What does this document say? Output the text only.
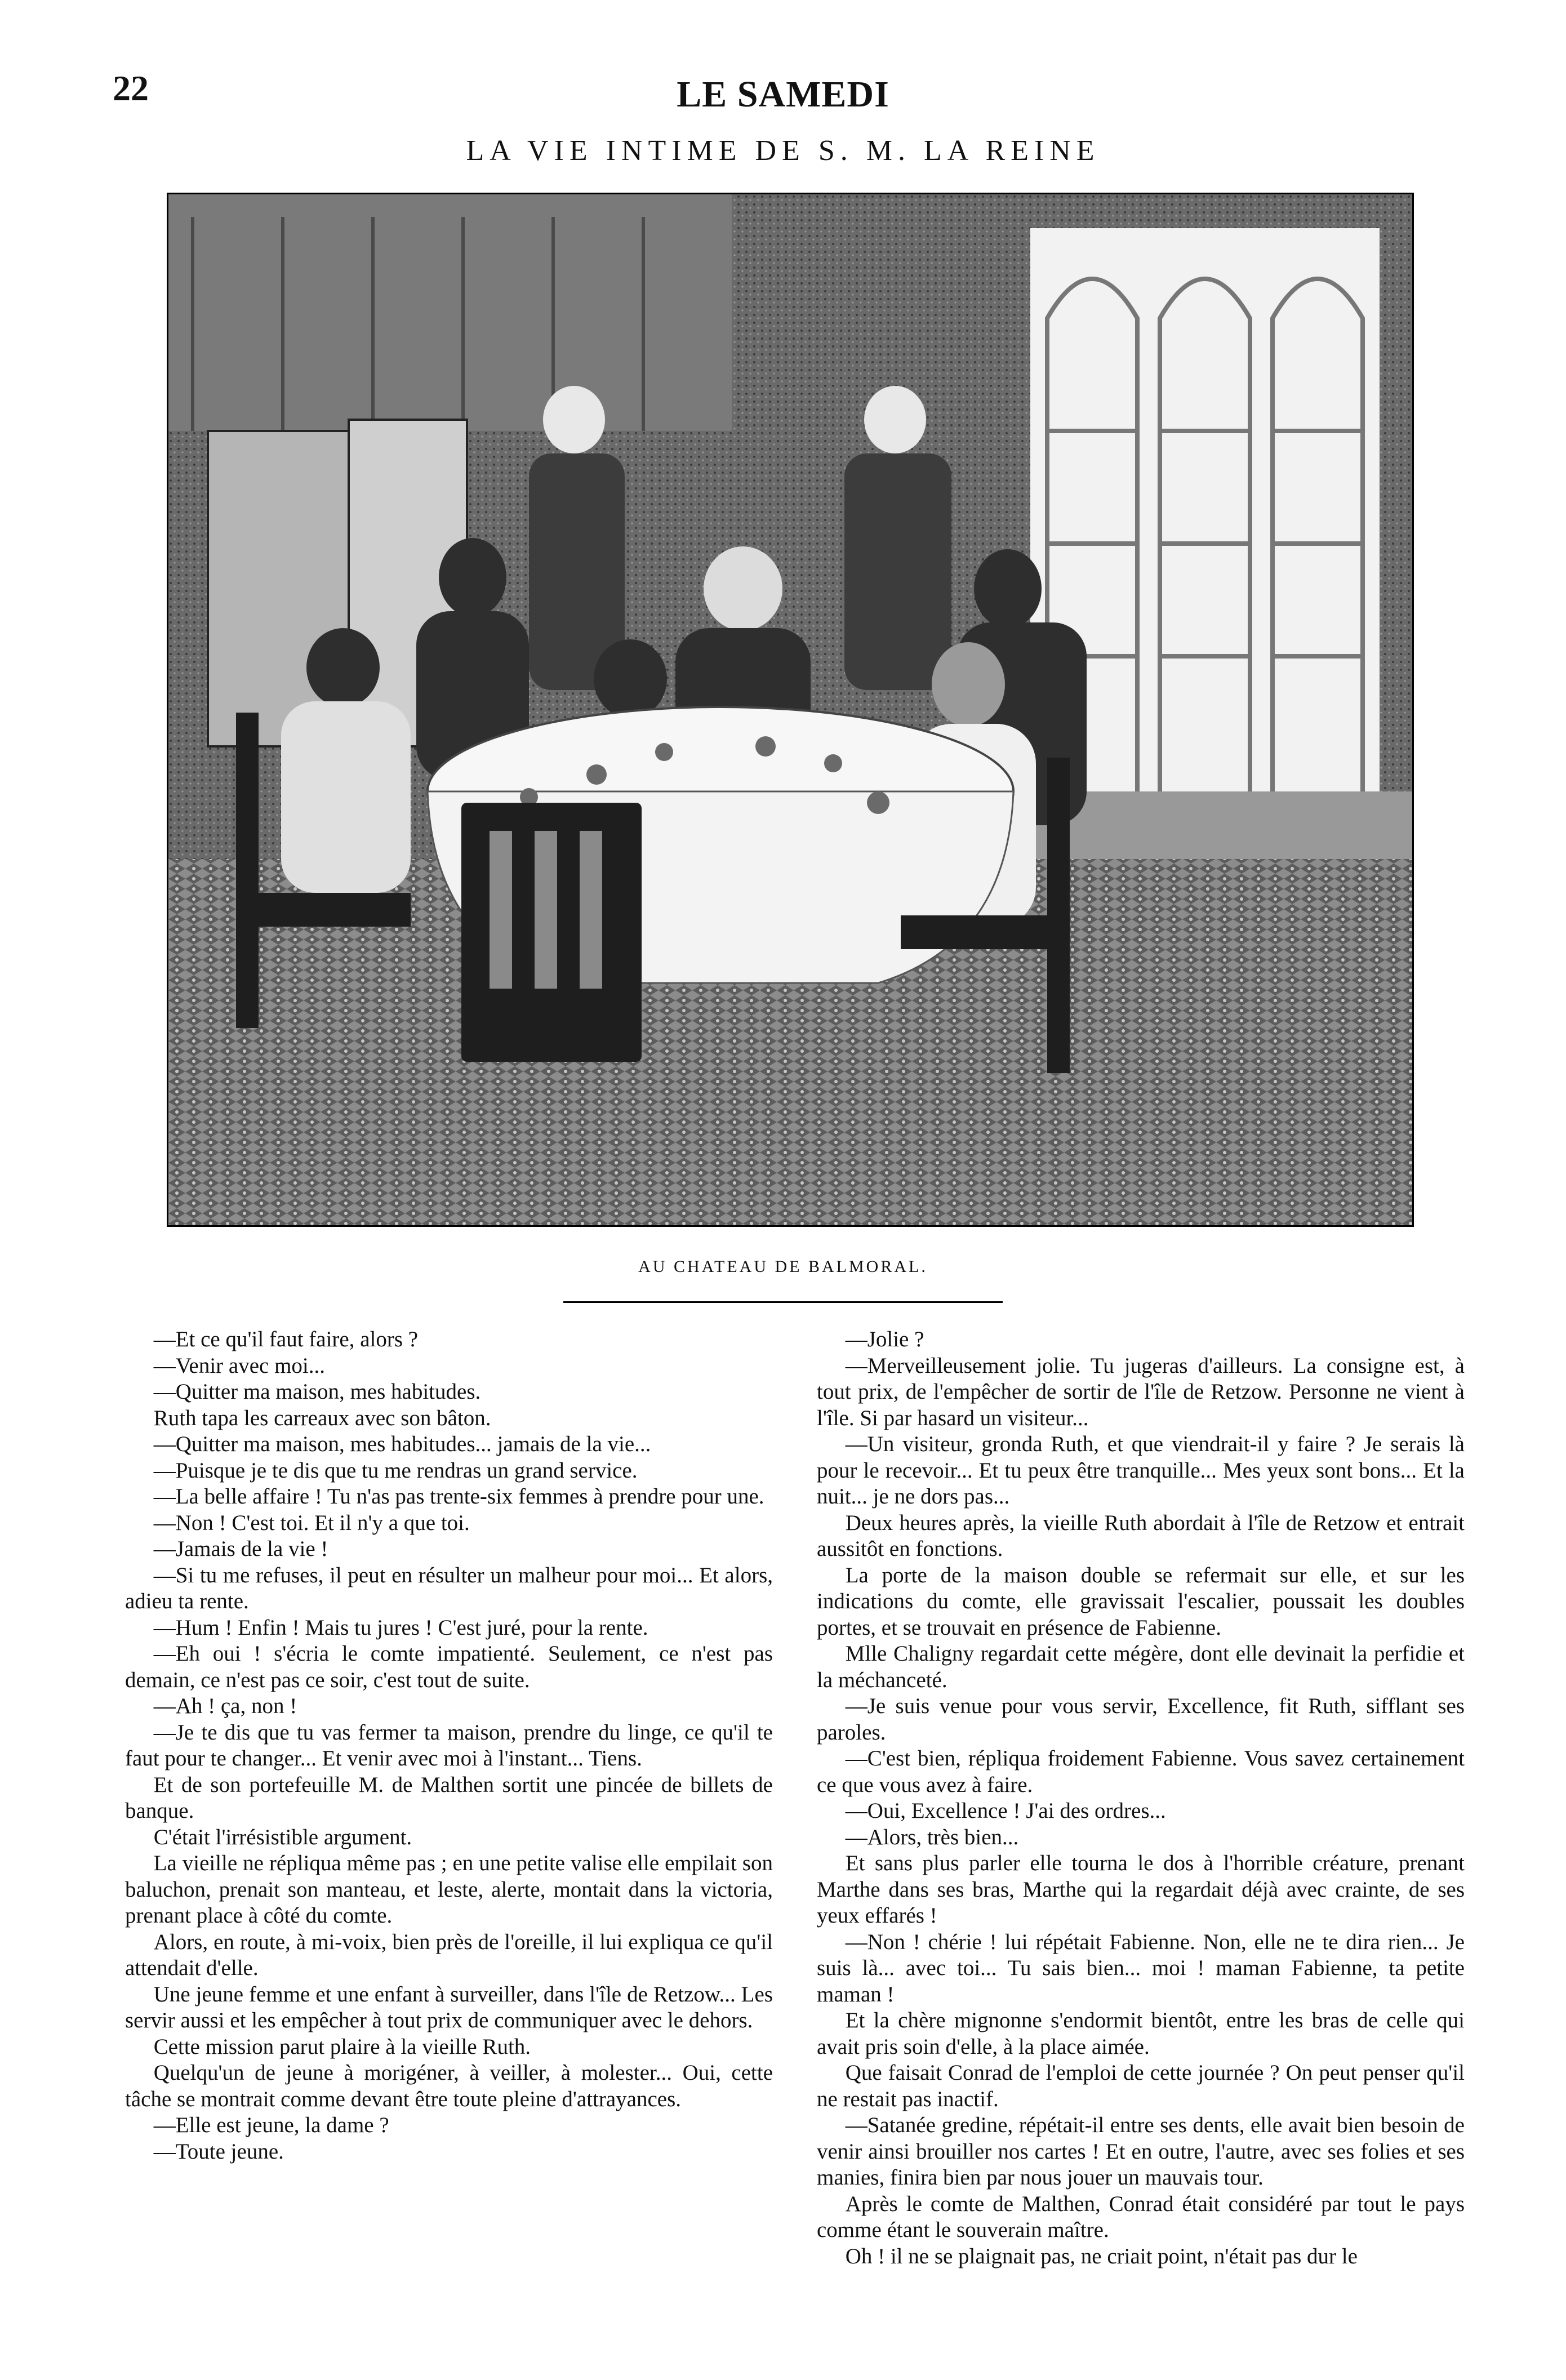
22	LE SAMEDI
LA VIE INTIME DE S. M. LA REINE
AU CHATEAU DE BALMORAL.

—Et ce qu'il faut faire, alors ?

—Venir avec moi...

—Quitter ma maison, mes habitudes.

Ruth tapa les carreaux avec son bâton.

—Quitter ma maison, mes habitudes... jamais de la vie...

—Puisque je te dis que tu me rendras un grand service.

—La belle affaire ! Tu n'as pas trente-six femmes à prendre pour une.

—Non ! C'est toi. Et il n'y a que toi.

—Jamais de la vie !

—Si tu me refuses, il peut en résulter un malheur pour moi... Et alors, adieu ta rente.

—Hum ! Enfin ! Mais tu jures ! C'est juré, pour la rente.

—Eh oui ! s'écria le comte impatienté. Seulement, ce n'est pas demain, ce n'est pas ce soir, c'est tout de suite.

—Ah ! ça, non !

—Je te dis que tu vas fermer ta maison, prendre du linge, ce qu'il te faut pour te changer... Et venir avec moi à l'instant... Tiens.

Et de son portefeuille M. de Malthen sortit une pincée de billets de banque.

C'était l'irrésistible argument.

La vieille ne répliqua même pas ; en une petite valise elle empilait son baluchon, prenait son manteau, et leste, alerte, montait dans la victoria, prenant place à côté du comte.

Alors, en route, à mi-voix, bien près de l'oreille, il lui expliqua ce qu'il attendait d'elle.

Une jeune femme et une enfant à surveiller, dans l'île de Retzow... Les servir aussi et les empêcher à tout prix de communiquer avec le dehors.

Cette mission parut plaire à la vieille Ruth.

Quelqu'un de jeune à morigéner, à veiller, à molester... Oui, cette tâche se montrait comme devant être toute pleine d'attrayances.

—Elle est jeune, la dame ?

—Toute jeune.

—Jolie ?

—Merveilleusement jolie. Tu jugeras d'ailleurs. La consigne est, à tout prix, de l'empêcher de sortir de l'île de Retzow. Personne ne vient à l'île. Si par hasard un visiteur...

—Un visiteur, gronda Ruth, et que viendrait-il y faire ? Je serais là pour le recevoir... Et tu peux être tranquille... Mes yeux sont bons... Et la nuit... je ne dors pas...

Deux heures après, la vieille Ruth abordait à l'île de Retzow et entrait aussitôt en fonctions.

La porte de la maison double se refermait sur elle, et sur les indications du comte, elle gravissait l'escalier, poussait les doubles portes, et se trouvait en présence de Fabienne.

Mlle Chaligny regardait cette mégère, dont elle devinait la perfidie et la méchanceté.

—Je suis venue pour vous servir, Excellence, fit Ruth, sifflant ses paroles.

—C'est bien, répliqua froidement Fabienne. Vous savez certainement ce que vous avez à faire.

—Oui, Excellence ! J'ai des ordres...

—Alors, très bien...

Et sans plus parler elle tourna le dos à l'horrible créature, prenant Marthe dans ses bras, Marthe qui la regardait déjà avec crainte, de ses yeux effarés !

—Non ! chérie ! lui répétait Fabienne. Non, elle ne te dira rien... Je suis là... avec toi... Tu sais bien... moi ! maman Fabienne, ta petite maman !

Et la chère mignonne s'endormit bientôt, entre les bras de celle qui avait pris soin d'elle, à la place aimée.

Que faisait Conrad de l'emploi de cette journée ? On peut penser qu'il ne restait pas inactif.

—Satanée gredine, répétait-il entre ses dents, elle avait bien besoin de venir ainsi brouiller nos cartes ! Et en outre, l'autre, avec ses folies et ses manies, finira bien par nous jouer un mauvais tour.

Après le comte de Malthen, Conrad était considéré par tout le pays comme étant le souverain maître.

Oh ! il ne se plaignait pas, ne criait point, n'était pas dur le
